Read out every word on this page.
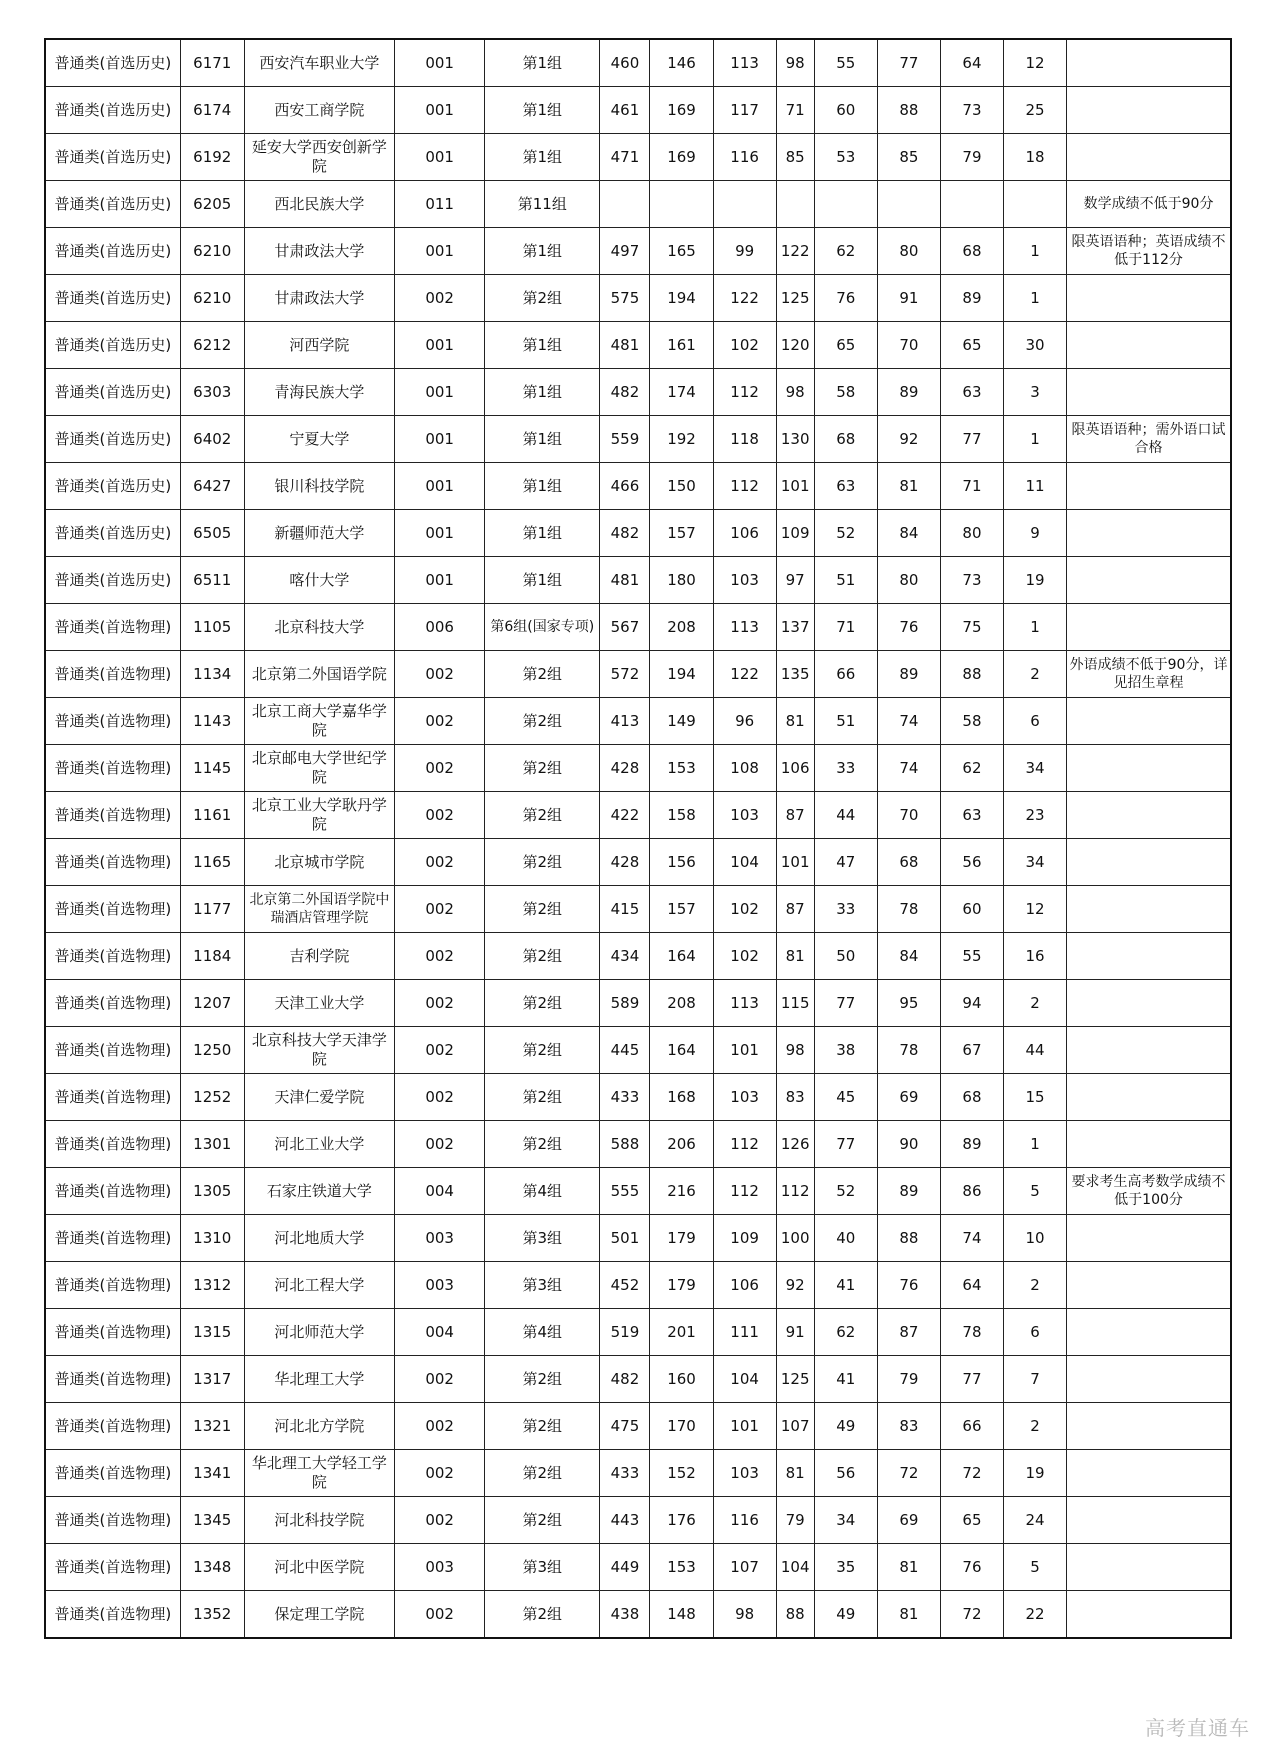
普通类(首选历史)	6171	西安汽车职业大学	001	第1组	460	146	113	98	55	77	64	12	
普通类(首选历史)	6174	西安工商学院	001	第1组	461	169	117	71	60	88	73	25	
普通类(首选历史)	6192	延安大学西安创新学院	001	第1组	471	169	116	85	53	85	79	18	
普通类(首选历史)	6205	西北民族大学	011	第11组									数学成绩不低于90分
普通类(首选历史)	6210	甘肃政法大学	001	第1组	497	165	99	122	62	80	68	1	限英语语种；英语成绩不低于112分
普通类(首选历史)	6210	甘肃政法大学	002	第2组	575	194	122	125	76	91	89	1	
普通类(首选历史)	6212	河西学院	001	第1组	481	161	102	120	65	70	65	30	
普通类(首选历史)	6303	青海民族大学	001	第1组	482	174	112	98	58	89	63	3	
普通类(首选历史)	6402	宁夏大学	001	第1组	559	192	118	130	68	92	77	1	限英语语种；需外语口试合格
普通类(首选历史)	6427	银川科技学院	001	第1组	466	150	112	101	63	81	71	11	
普通类(首选历史)	6505	新疆师范大学	001	第1组	482	157	106	109	52	84	80	9	
普通类(首选历史)	6511	喀什大学	001	第1组	481	180	103	97	51	80	73	19	
普通类(首选物理)	1105	北京科技大学	006	第6组(国家专项)	567	208	113	137	71	76	75	1	
普通类(首选物理)	1134	北京第二外国语学院	002	第2组	572	194	122	135	66	89	88	2	外语成绩不低于90分，详见招生章程
普通类(首选物理)	1143	北京工商大学嘉华学院	002	第2组	413	149	96	81	51	74	58	6	
普通类(首选物理)	1145	北京邮电大学世纪学院	002	第2组	428	153	108	106	33	74	62	34	
普通类(首选物理)	1161	北京工业大学耿丹学院	002	第2组	422	158	103	87	44	70	63	23	
普通类(首选物理)	1165	北京城市学院	002	第2组	428	156	104	101	47	68	56	34	
普通类(首选物理)	1177	北京第二外国语学院中瑞酒店管理学院	002	第2组	415	157	102	87	33	78	60	12	
普通类(首选物理)	1184	吉利学院	002	第2组	434	164	102	81	50	84	55	16	
普通类(首选物理)	1207	天津工业大学	002	第2组	589	208	113	115	77	95	94	2	
普通类(首选物理)	1250	北京科技大学天津学院	002	第2组	445	164	101	98	38	78	67	44	
普通类(首选物理)	1252	天津仁爱学院	002	第2组	433	168	103	83	45	69	68	15	
普通类(首选物理)	1301	河北工业大学	002	第2组	588	206	112	126	77	90	89	1	
普通类(首选物理)	1305	石家庄铁道大学	004	第4组	555	216	112	112	52	89	86	5	要求考生高考数学成绩不低于100分
普通类(首选物理)	1310	河北地质大学	003	第3组	501	179	109	100	40	88	74	10	
普通类(首选物理)	1312	河北工程大学	003	第3组	452	179	106	92	41	76	64	2	
普通类(首选物理)	1315	河北师范大学	004	第4组	519	201	111	91	62	87	78	6	
普通类(首选物理)	1317	华北理工大学	002	第2组	482	160	104	125	41	79	77	7	
普通类(首选物理)	1321	河北北方学院	002	第2组	475	170	101	107	49	83	66	2	
普通类(首选物理)	1341	华北理工大学轻工学院	002	第2组	433	152	103	81	56	72	72	19	
普通类(首选物理)	1345	河北科技学院	002	第2组	443	176	116	79	34	69	65	24	
普通类(首选物理)	1348	河北中医学院	003	第3组	449	153	107	104	35	81	76	5	
普通类(首选物理)	1352	保定理工学院	002	第2组	438	148	98	88	49	81	72	22	
高考直通车
